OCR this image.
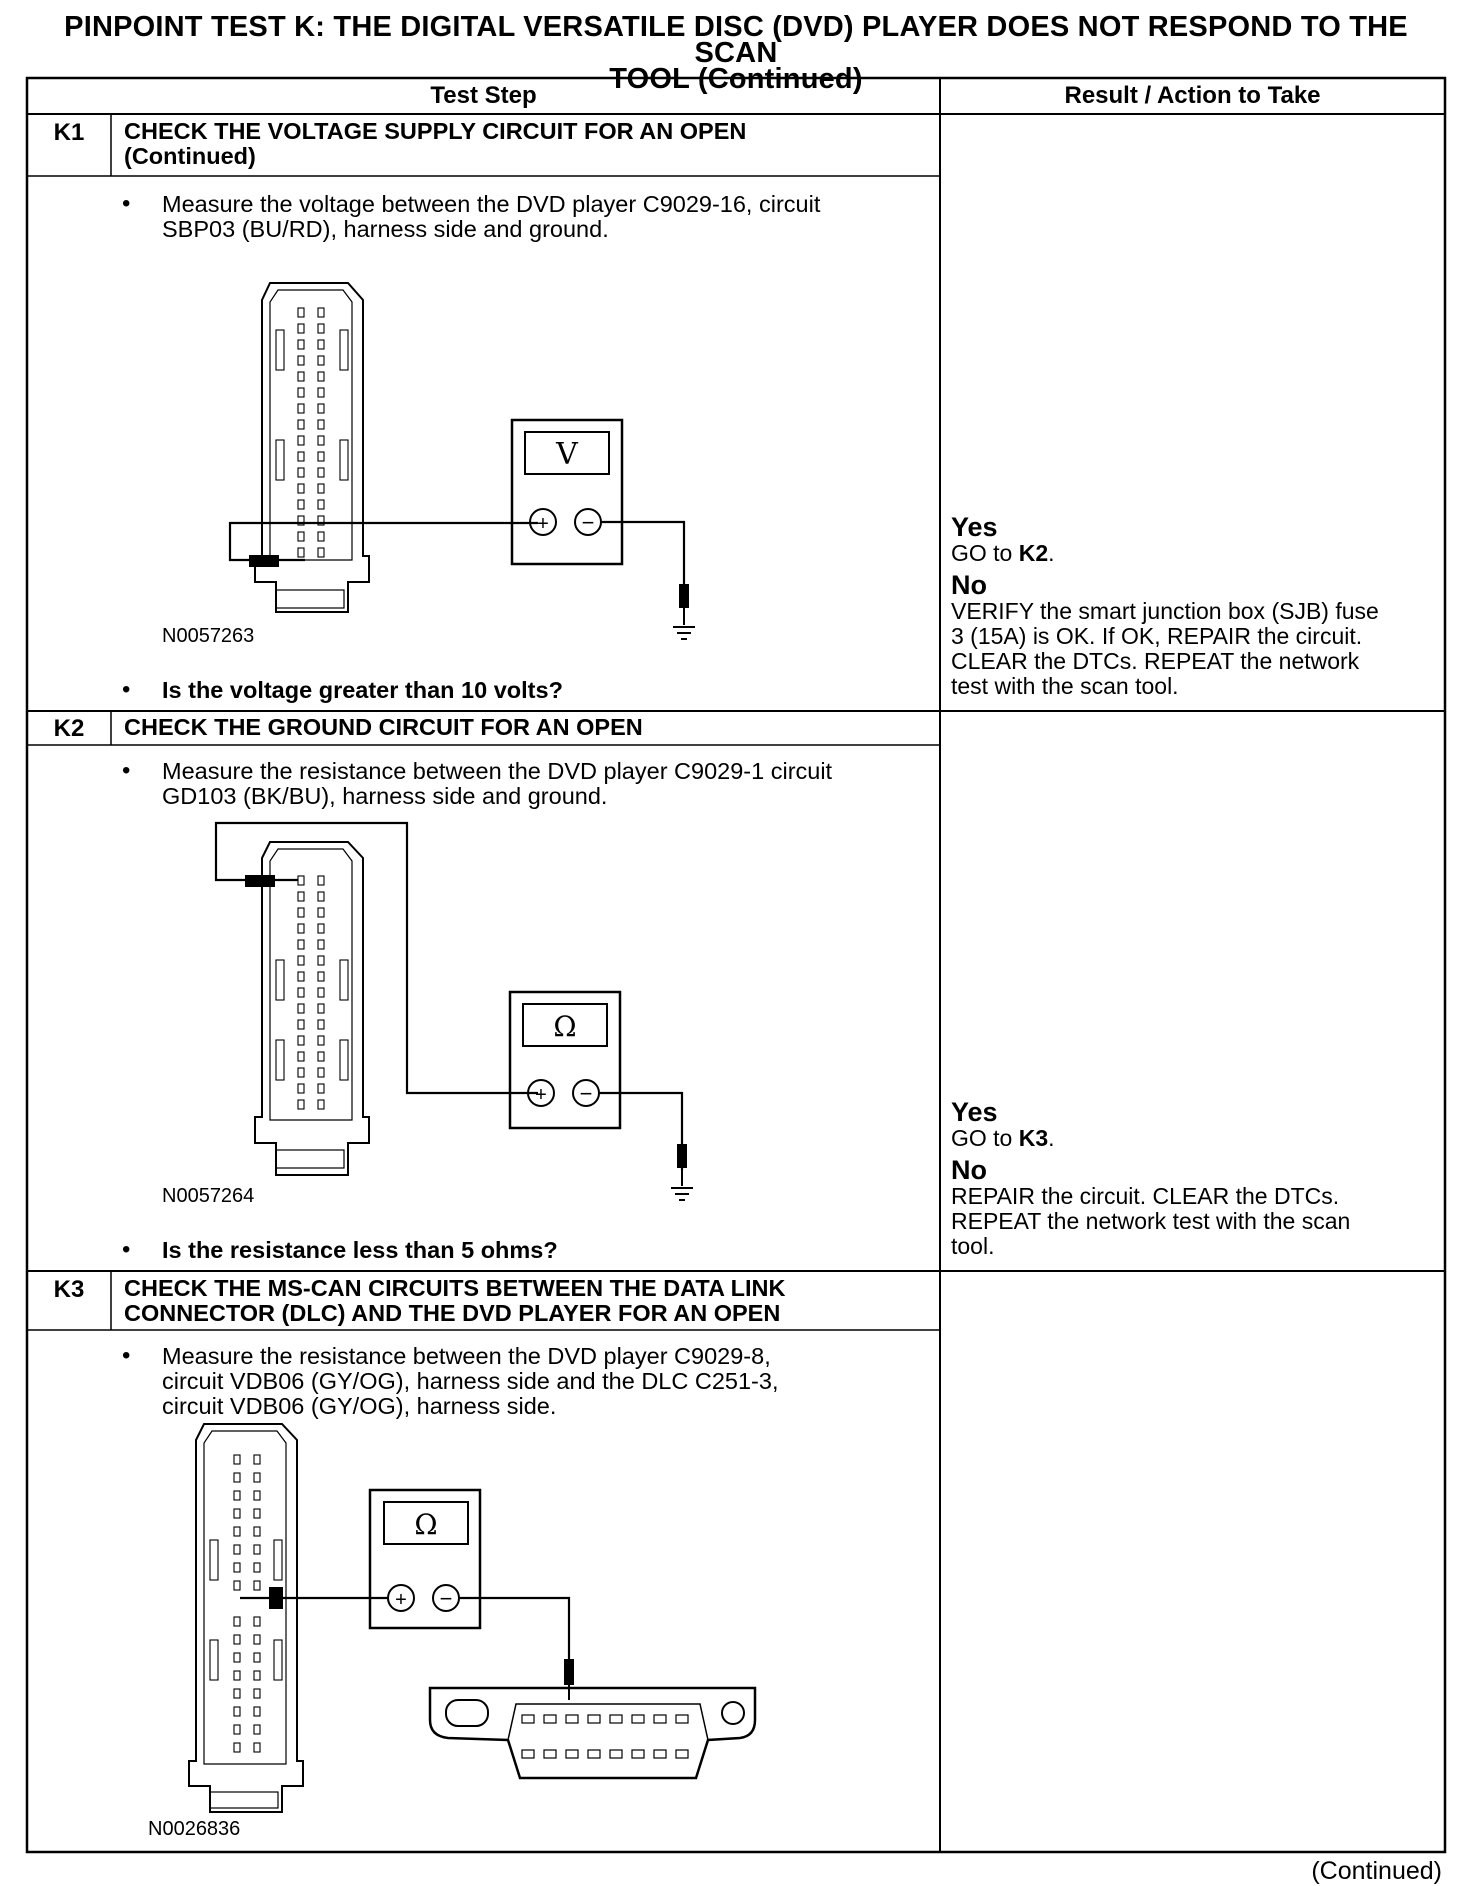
PINPOINT TEST K: THE DIGITAL VERSATILE DISC (DVD) PLAYER DOES NOT RESPOND TO THE SCAN
TOOL (Continued)
V
+ −
Ω
+ −
Ω
+ −
Test Step	Result / Action to Take
K1	CHECK THE VOLTAGE SUPPLY CIRCUIT FOR AN OPEN
(Continued)
• Measure the voltage between the DVD player C9029-16, circuit
SBP03 (BU/RD), harness side and ground.
N0057263
• Is the voltage greater than 10 volts?
Yes
GO to K2.
No
VERIFY the smart junction box (SJB) fuse
3 (15A) is OK. If OK, REPAIR the circuit.
CLEAR the DTCs. REPEAT the network
test with the scan tool.
K2	CHECK THE GROUND CIRCUIT FOR AN OPEN
• Measure the resistance between the DVD player C9029-1 circuit
GD103 (BK/BU), harness side and ground.
N0057264
• Is the resistance less than 5 ohms?
Yes
GO to K3.
No
REPAIR the circuit. CLEAR the DTCs.
REPEAT the network test with the scan
tool.
K3	CHECK THE MS-CAN CIRCUITS BETWEEN THE DATA LINK
CONNECTOR (DLC) AND THE DVD PLAYER FOR AN OPEN
• Measure the resistance between the DVD player C9029-8,
circuit VDB06 (GY/OG), harness side and the DLC C251-3,
circuit VDB06 (GY/OG), harness side.
N0026836
(Continued)
